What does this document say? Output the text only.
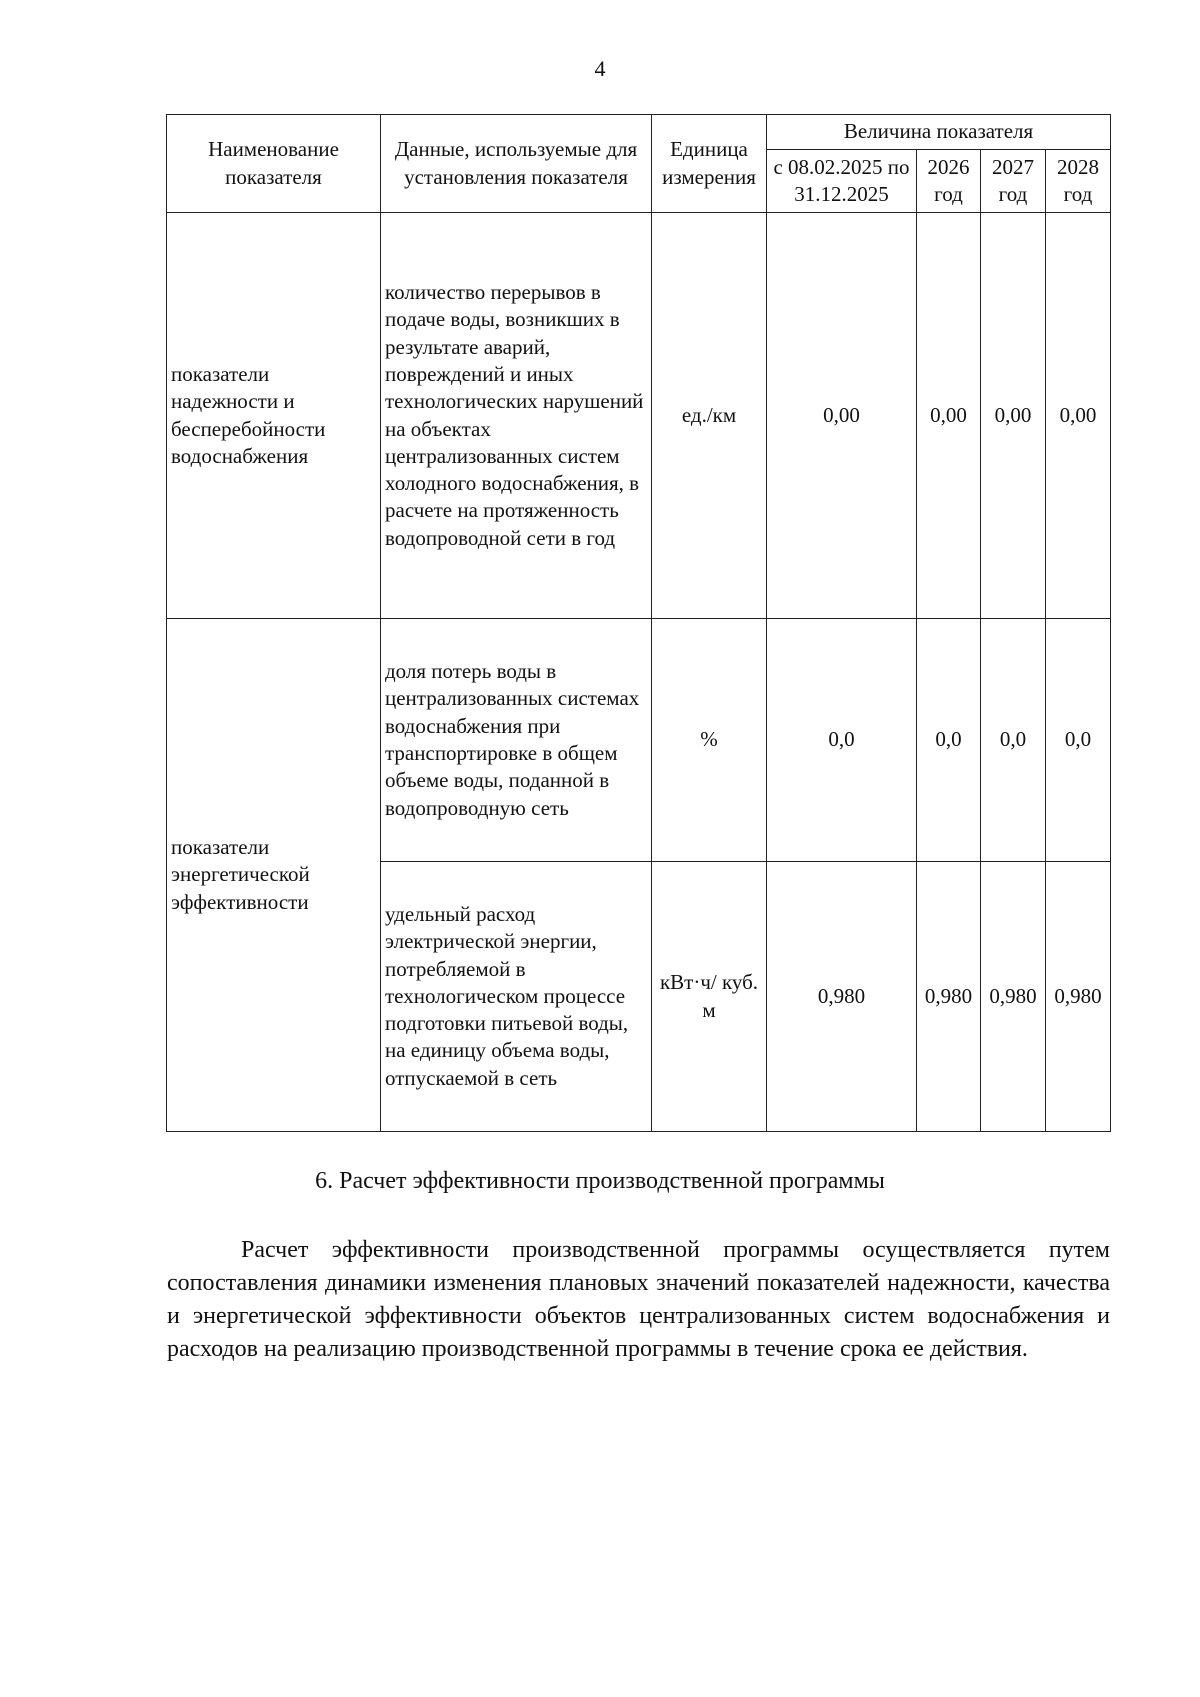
4
Наименование показателя	Данные, используемые для установления показателя	Единица измерения	Величина показателя			
			с 08.02.2025 по 31.12.2025	2026 год	2027 год	2028 год
показатели надежности и бесперебойности водоснабжения	количество перерывов в подаче воды, возникших в результате аварий, повреждений и иных технологических нарушений на объектах централизованных систем холодного водоснабжения, в расчете на протяженность водопроводной сети в год	ед./км	0,00	0,00	0,00	0,00
показатели энергетической эффективности	доля потерь воды в централизованных системах водоснабжения при транспортировке в общем объеме воды, поданной в водопроводную сеть	%	0,0	0,0	0,0	0,0
	удельный расход электрической энергии, потребляемой в технологическом процессе подготовки питьевой воды, на единицу объема воды, отпускаемой в сеть	кВт·ч/ куб. м	0,980	0,980	0,980	0,980
6. Расчет эффективности производственной программы
Расчет эффективности производственной программы осуществляется путем сопоставления динамики изменения плановых значений показателей надежности, качества и энергетической эффективности объектов централизованных систем водоснабжения и расходов на реализацию производственной программы в течение срока ее действия.
